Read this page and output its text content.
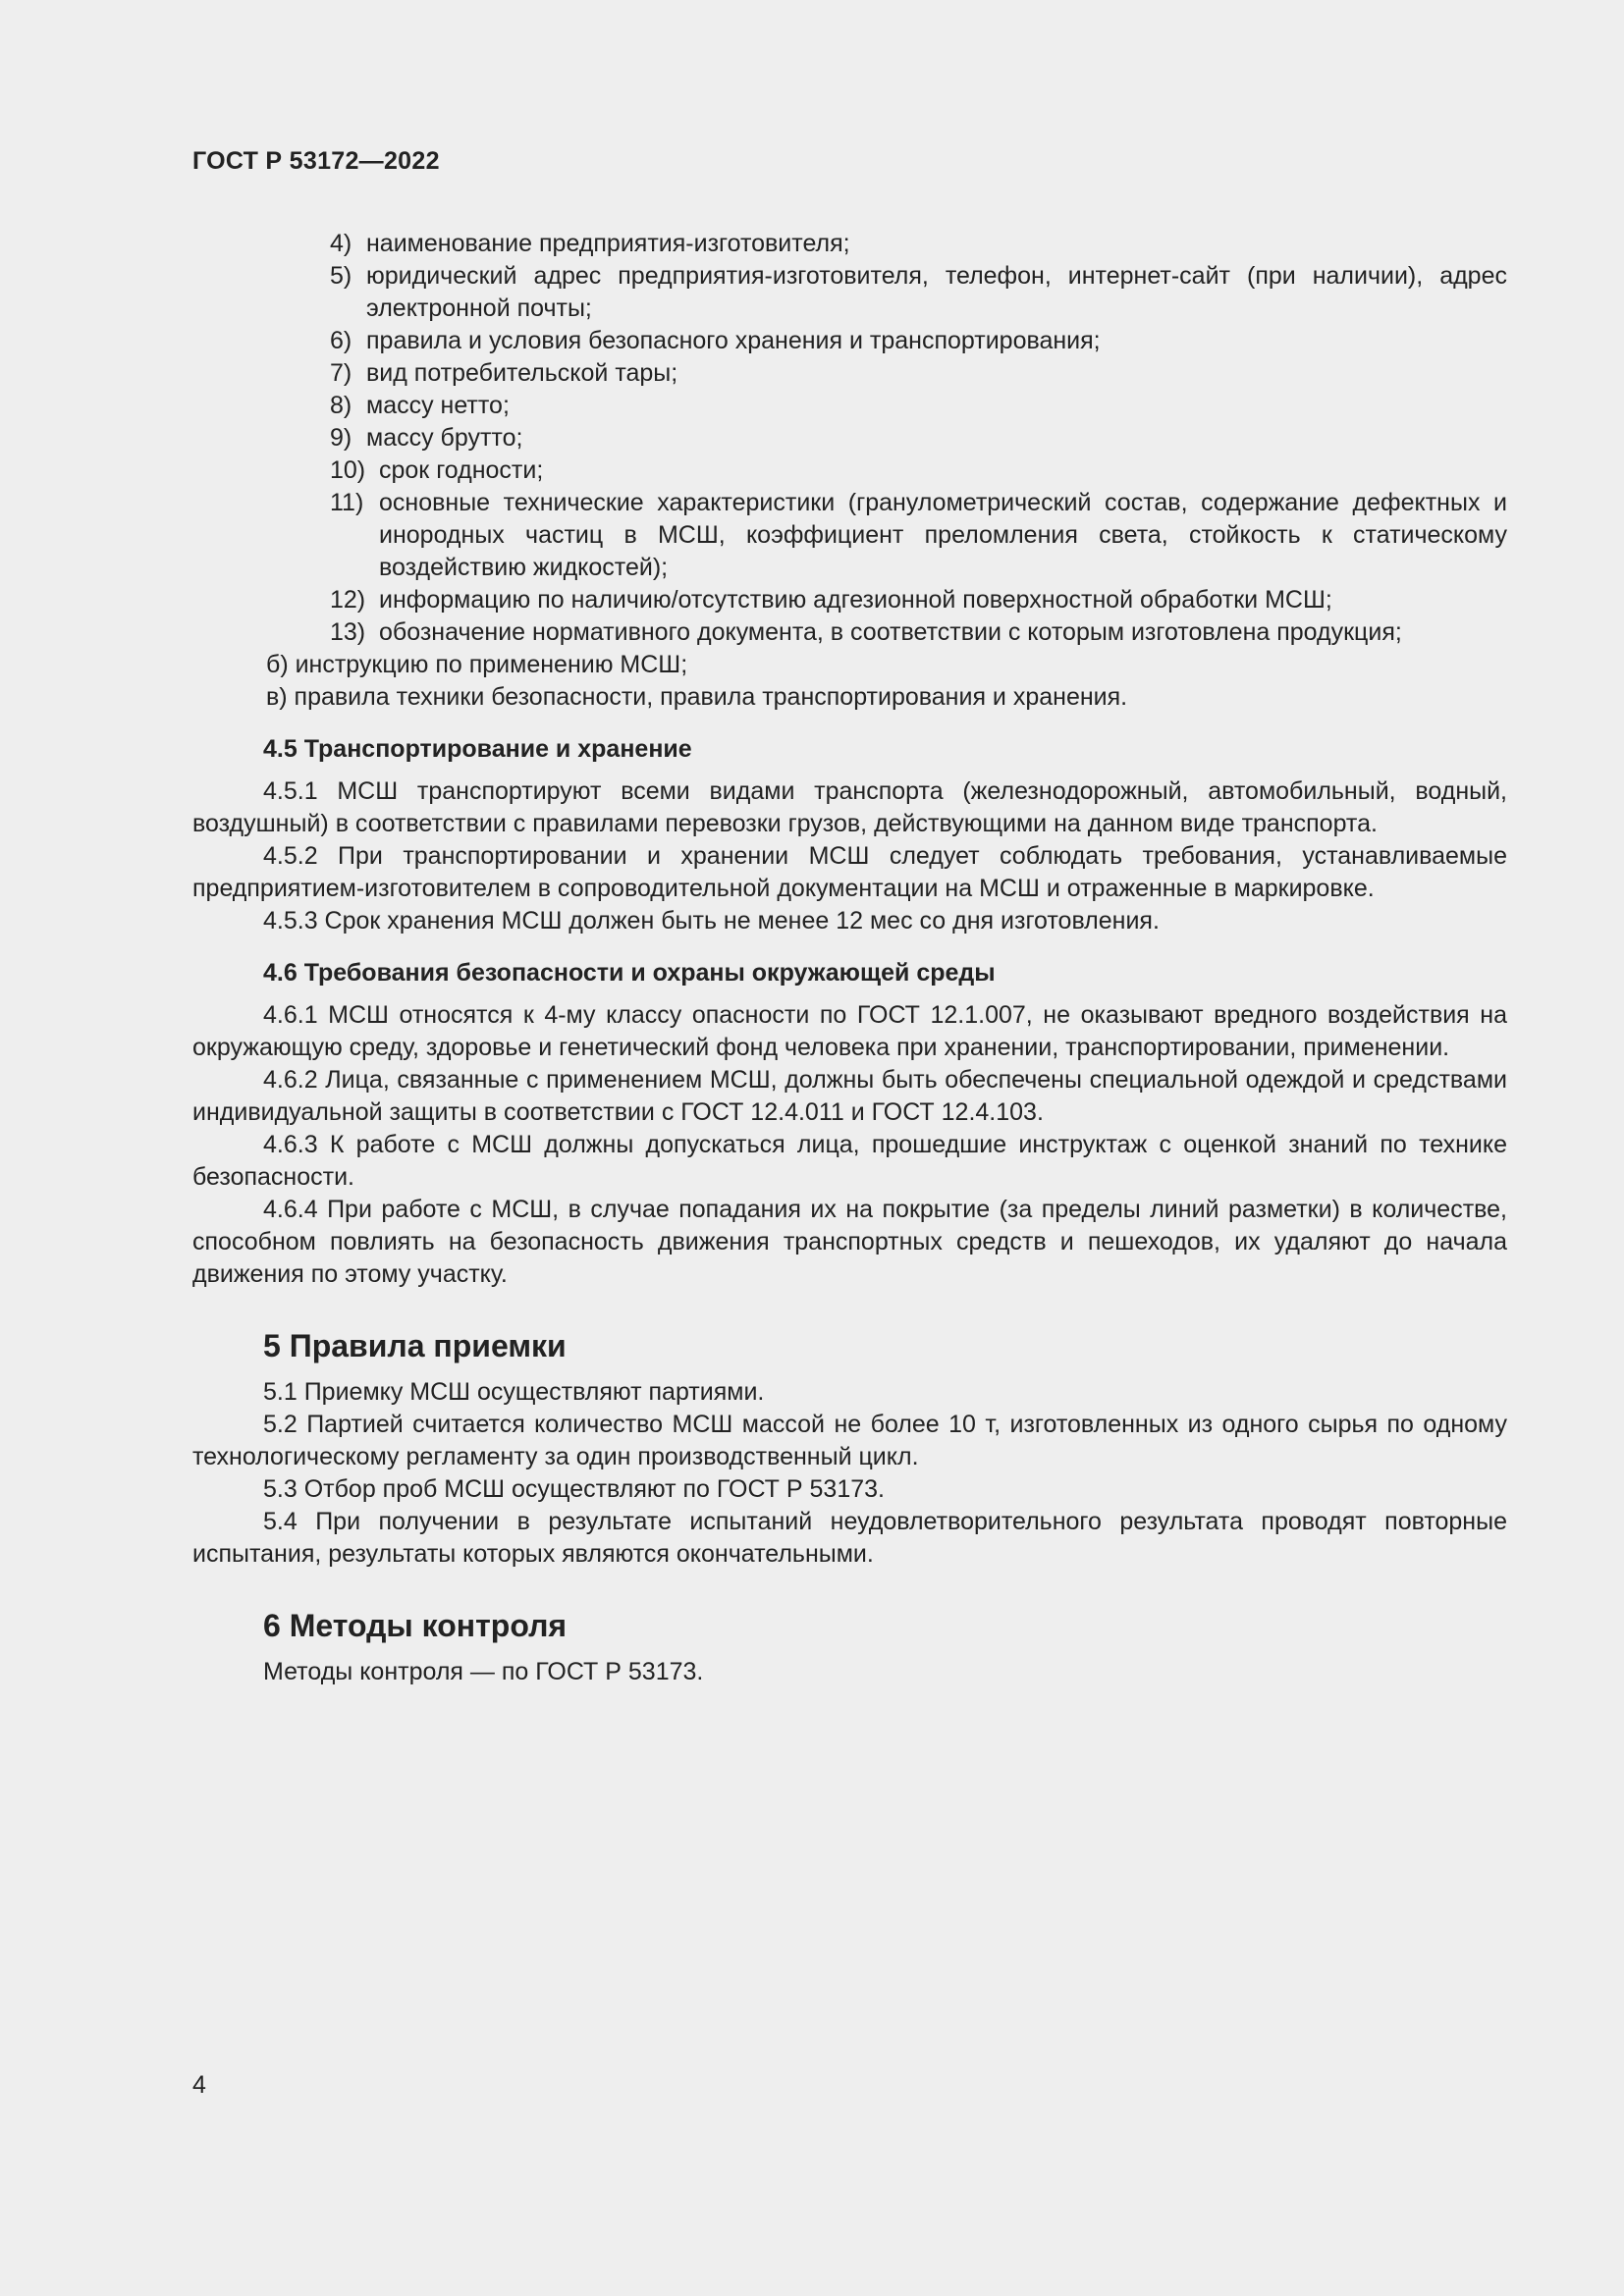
ГОСТ Р 53172—2022
4) наименование предприятия-изготовителя;
5) юридический адрес предприятия-изготовителя, телефон, интернет-сайт (при наличии), адрес электронной почты;
6) правила и условия безопасного хранения и транспортирования;
7) вид потребительской тары;
8) массу нетто;
9) массу брутто;
10) срок годности;
11) основные технические характеристики (гранулометрический состав, содержание дефектных и инородных частиц в МСШ, коэффициент преломления света, стойкость к статическому воздействию жидкостей);
12) информацию по наличию/отсутствию адгезионной поверхностной обработки МСШ;
13) обозначение нормативного документа, в соответствии с которым изготовлена продукция;
б) инструкцию по применению МСШ;
в) правила техники безопасности, правила транспортирования и хранения.
4.5 Транспортирование и хранение
4.5.1 МСШ транспортируют всеми видами транспорта (железнодорожный, автомобильный, водный, воздушный) в соответствии с правилами перевозки грузов, действующими на данном виде транспорта.
4.5.2 При транспортировании и хранении МСШ следует соблюдать требования, устанавливаемые предприятием-изготовителем в сопроводительной документации на МСШ и отраженные в маркировке.
4.5.3 Срок хранения МСШ должен быть не менее 12 мес со дня изготовления.
4.6 Требования безопасности и охраны окружающей среды
4.6.1 МСШ относятся к 4-му классу опасности по ГОСТ 12.1.007, не оказывают вредного воздействия на окружающую среду, здоровье и генетический фонд человека при хранении, транспортировании, применении.
4.6.2 Лица, связанные с применением МСШ, должны быть обеспечены специальной одеждой и средствами индивидуальной защиты в соответствии с ГОСТ 12.4.011 и ГОСТ 12.4.103.
4.6.3 К работе с МСШ должны допускаться лица, прошедшие инструктаж с оценкой знаний по технике безопасности.
4.6.4 При работе с МСШ, в случае попадания их на покрытие (за пределы линий разметки) в количестве, способном повлиять на безопасность движения транспортных средств и пешеходов, их удаляют до начала движения по этому участку.
5 Правила приемки
5.1 Приемку МСШ осуществляют партиями.
5.2 Партией считается количество МСШ массой не более 10 т, изготовленных из одного сырья по одному технологическому регламенту за один производственный цикл.
5.3 Отбор проб МСШ осуществляют по ГОСТ Р 53173.
5.4 При получении в результате испытаний неудовлетворительного результата проводят повторные испытания, результаты которых являются окончательными.
6 Методы контроля
Методы контроля — по ГОСТ Р 53173.
4
